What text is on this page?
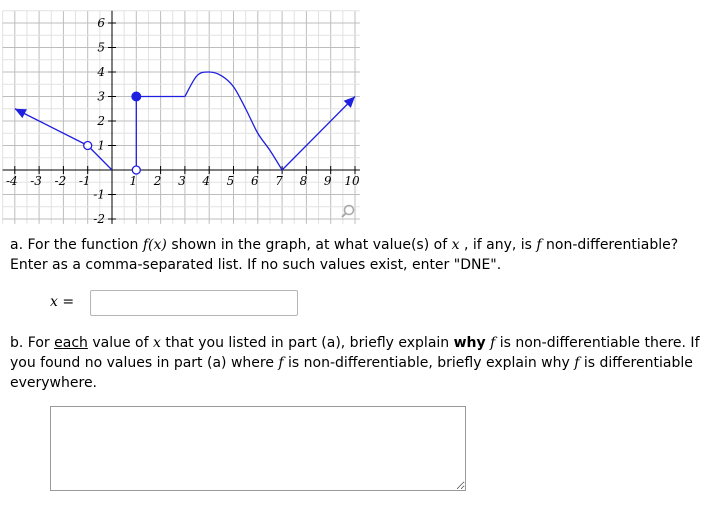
-4 -3 -2 -1	1 2 3 4 5 6 7 8 9 10
-2
-1
1
2
3
4
5
6

a. For the function f(x) shown in the graph, at what value(s) of x , if any, is f non-differentiable? Enter as a comma-separated list. If no such values exist, enter "DNE".

x =

b. For each value of x that you listed in part (a), briefly explain why f is non-differentiable there. If you found no values in part (a) where f is non-differentiable, briefly explain why f is differentiable everywhere.
